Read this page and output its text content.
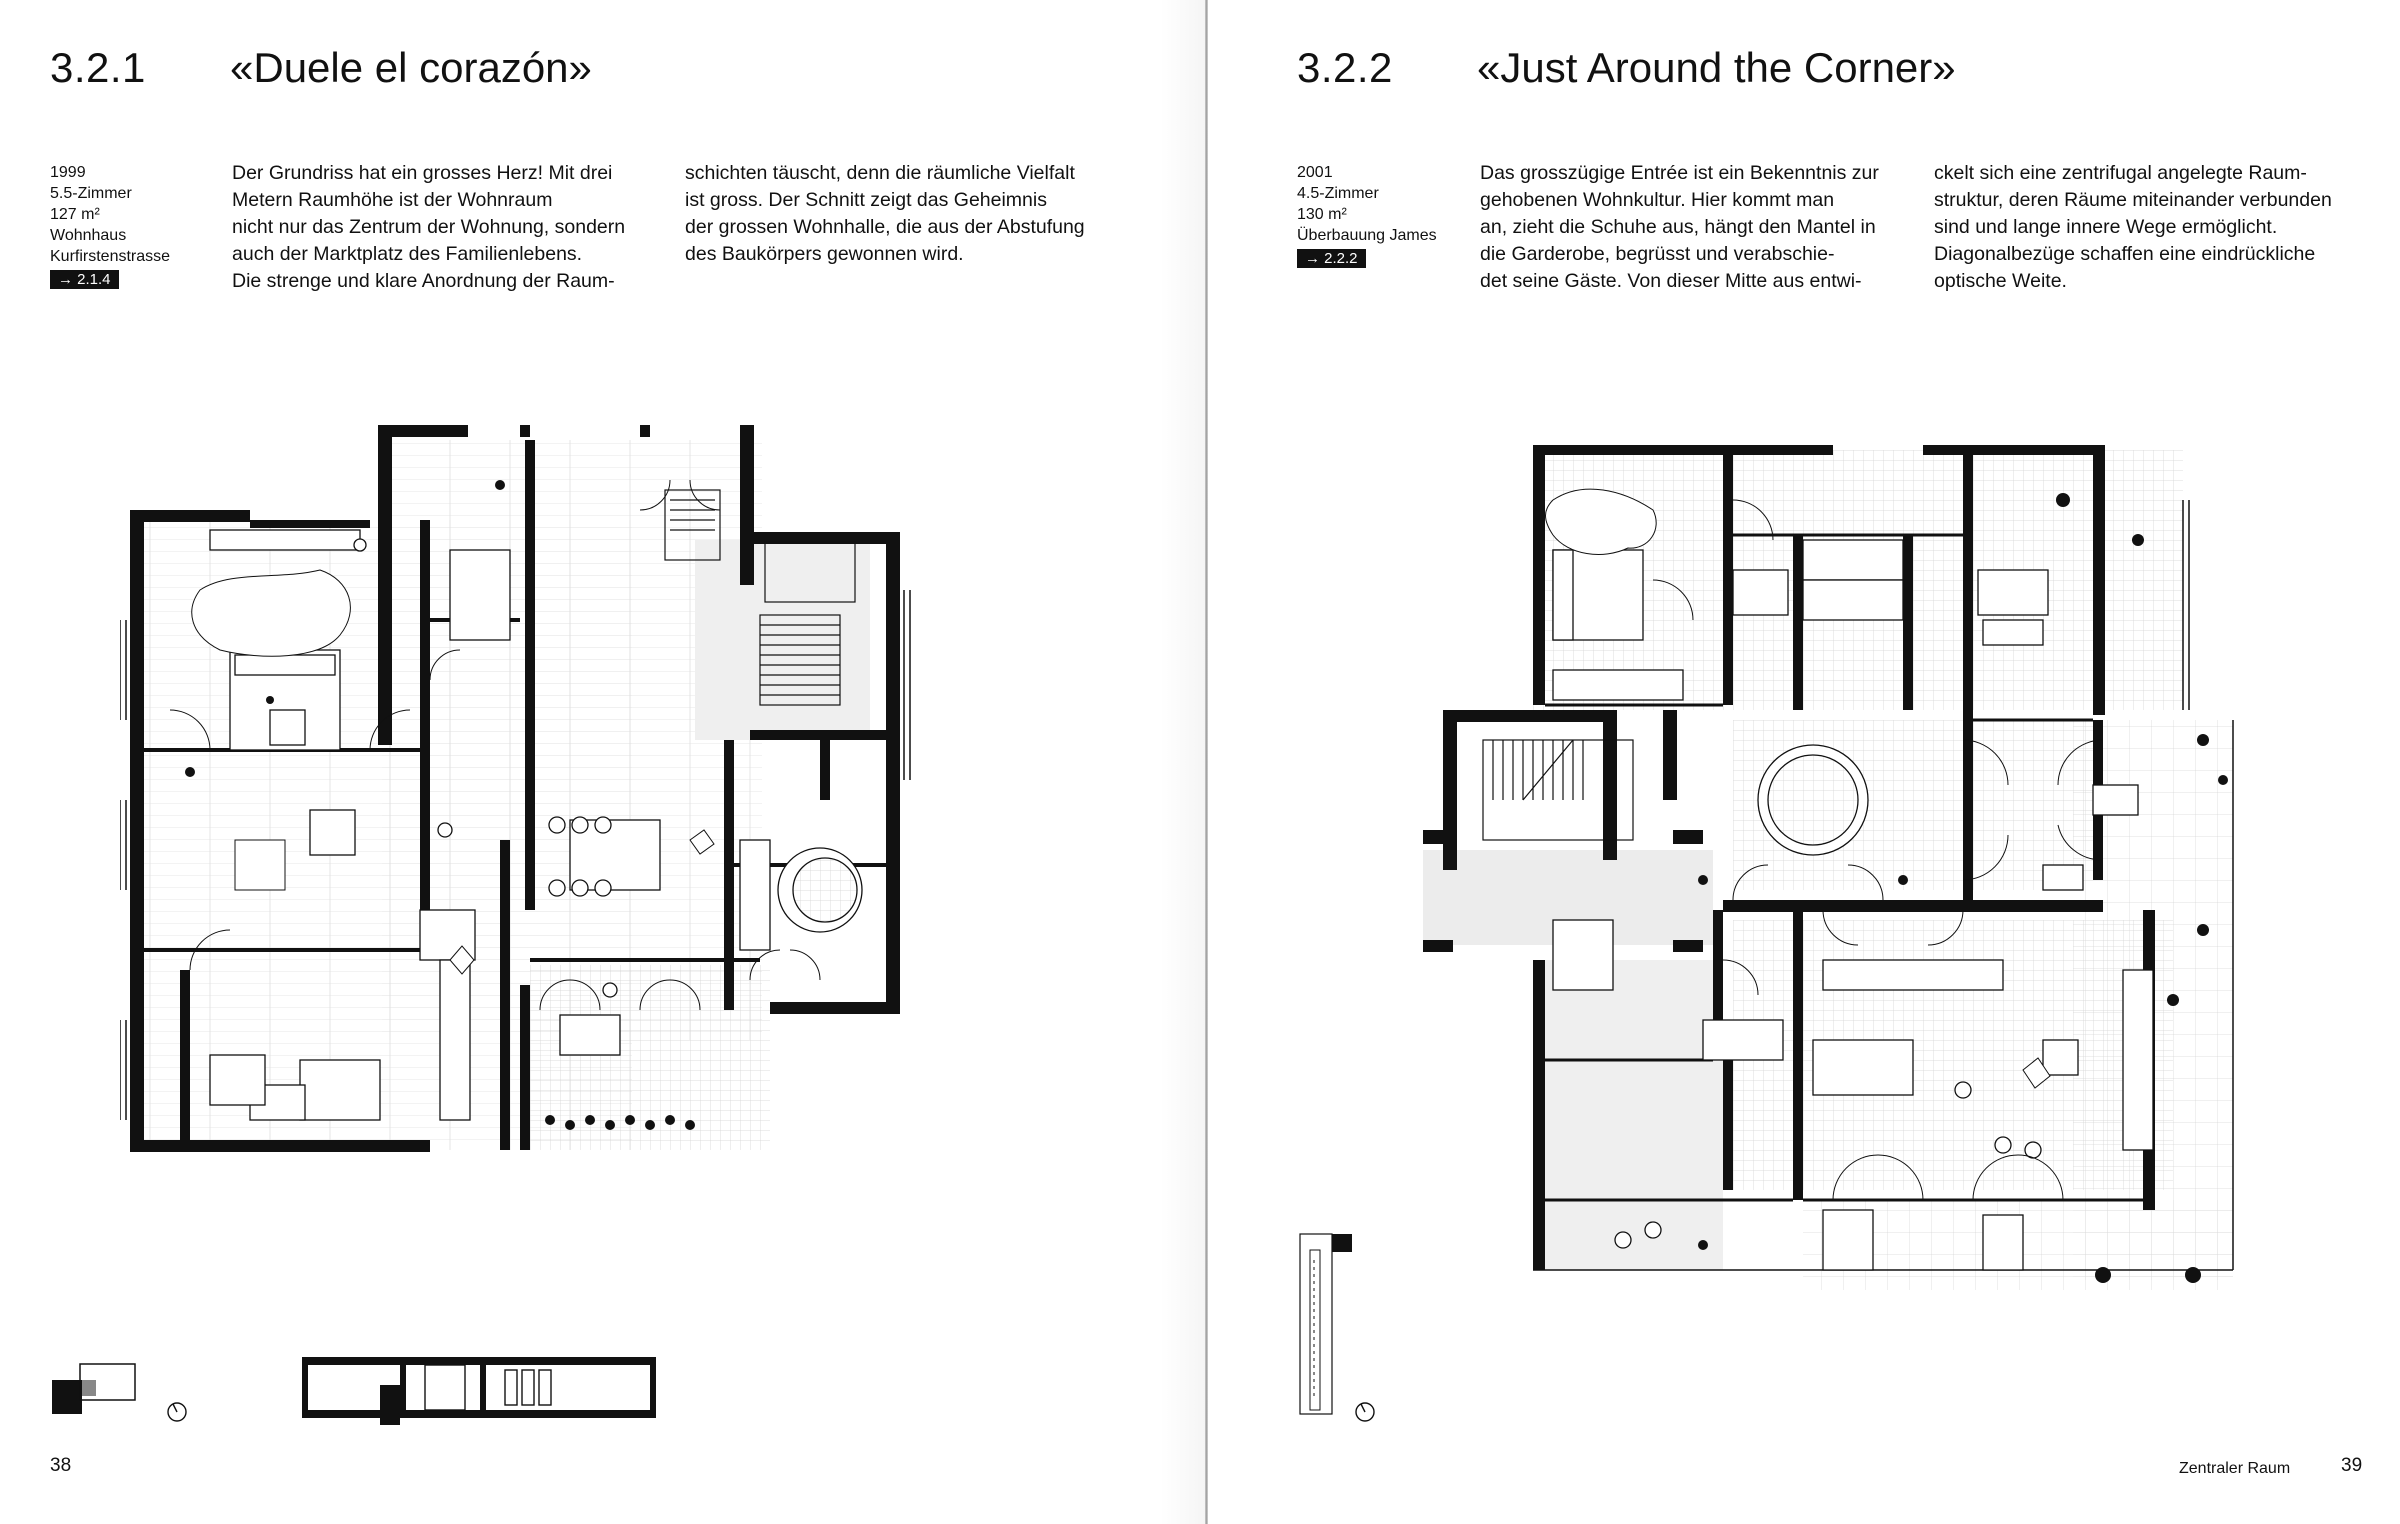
3.2.1 «Duele el corazón»
1999
5.5-Zimmer
127 m²
Wohnhaus
Kurfirstenstrasse
→ 2.1.4

Der Grundriss hat ein grosses Herz! Mit drei
Metern Raumhöhe ist der Wohnraum
nicht nur das Zentrum der Wohnung, sondern
auch der Marktplatz des Familienlebens.
Die strenge und klare Anordnung der Raum-

schichten täuscht, denn die räumliche Vielfalt
ist gross. Der Schnitt zeigt das Geheimnis
der grossen Wohnhalle, die aus der Abstufung
des Baukörpers gewonnen wird.

38
3.2.2 «Just Around the Corner»
2001
4.5-Zimmer
130 m²
Überbauung James
→ 2.2.2

Das grosszügige Entrée ist ein Bekenntnis zur
gehobenen Wohnkultur. Hier kommt man
an, zieht die Schuhe aus, hängt den Mantel in
die Garderobe, begrüsst und verabschie-
det seine Gäste. Von dieser Mitte aus entwi-

ckelt sich eine zentrifugal angelegte Raum-
struktur, deren Räume miteinander verbunden
sind und lange innere Wege ermöglicht.
Diagonalbezüge schaffen eine eindrückliche
optische Weite.

Zentraler Raum	39
